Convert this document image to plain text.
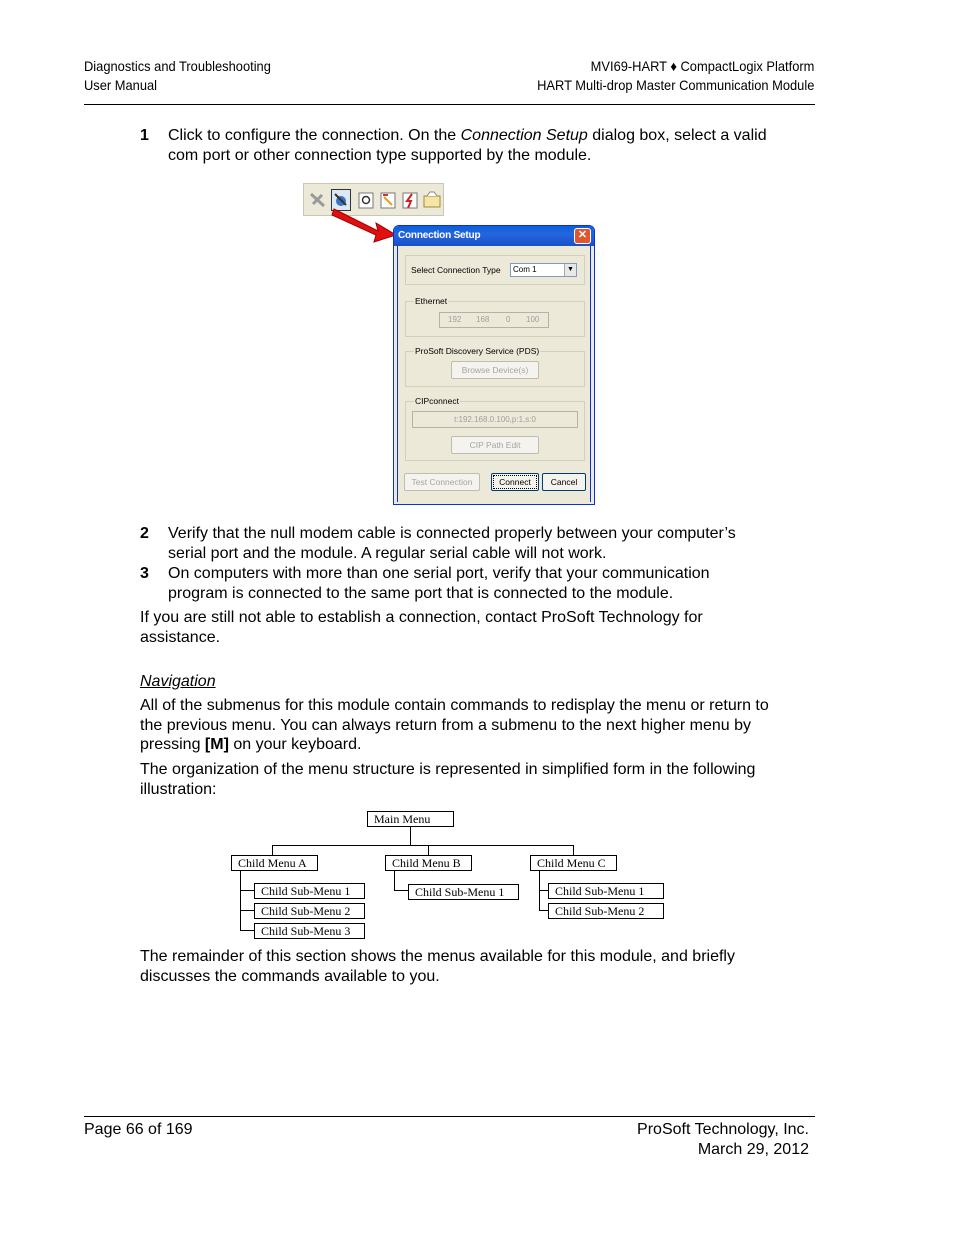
Diagnostics and Troubleshooting
User Manual
MVI69-HART ♦ CompactLogix Platform
HART Multi-drop Master Communication Module
1 Click to configure the connection. On the Connection Setup dialog box, select a valid com port or other connection type supported by the module.
Connection Setup	✕
Select Connection Type	Com 1	▼
Ethernet
192 168 0 100
ProSoft Discovery Service (PDS)
Browse Device(s)
CIPconnect
t:192.168.0.100,p:1,s:0
CIP Path Edit
Test Connection	Connect	Cancel
2 Verify that the null modem cable is connected properly between your computer’s serial port and the module. A regular serial cable will not work.
3 On computers with more than one serial port, verify that your communication program is connected to the same port that is connected to the module.
If you are still not able to establish a connection, contact ProSoft Technology for assistance.
Navigation
All of the submenus for this module contain commands to redisplay the menu or return to the previous menu. You can always return from a submenu to the next higher menu by pressing [M] on your keyboard.
The organization of the menu structure is represented in simplified form in the following illustration:
Main Menu
Child Menu A	Child Menu B	Child Menu C
Child Sub-Menu 1
Child Sub-Menu 2
Child Sub-Menu 3
Child Sub-Menu 1	Child Sub-Menu 1
Child Sub-Menu 2
The remainder of this section shows the menus available for this module, and briefly discusses the commands available to you.
Page 66 of 169	ProSoft Technology, Inc.
March 29, 2012
